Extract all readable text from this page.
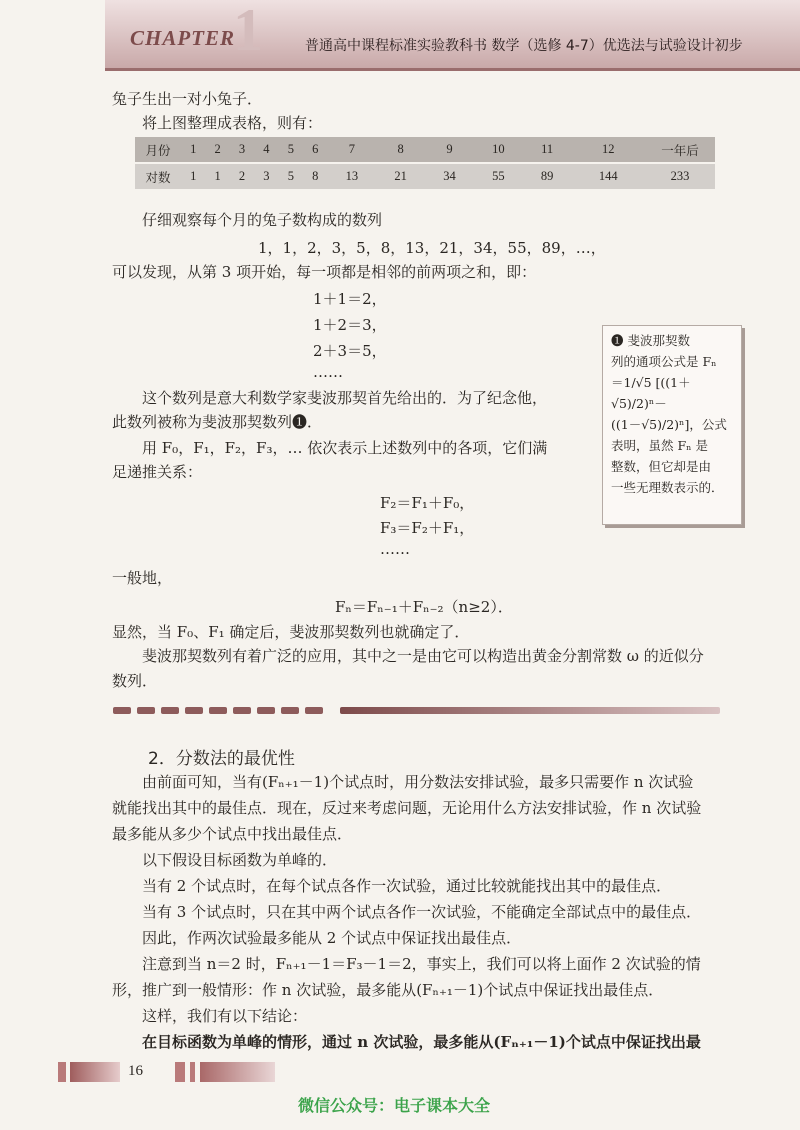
1
CHAPTER	普通高中课程标准实验教科书 数学（选修 4-7）优选法与试验设计初步
兔子生出一对小兔子．
将上图整理成表格，则有：
月份	1	2	3	4	5	6	7	8	9	10	11	12	一年后
对数	1	1	2	3	5	8	13	21	34	55	89	144	233
仔细观察每个月的兔子数构成的数列
1，1，2，3，5，8，13，21，34，55，89，…，
可以发现，从第 3 项开始，每一项都是相邻的前两项之和，即：
1＋1＝2，
1＋2＝3，
2＋3＝5，
……
这个数列是意大利数学家斐波那契首先给出的．为了纪念他，
此数列被称为斐波那契数列❶．
用 F₀，F₁，F₂，F₃，… 依次表示上述数列中的各项，它们满
足递推关系：
F₂＝F₁＋F₀，
F₃＝F₂＋F₁，
……
一般地，
Fₙ＝Fₙ₋₁＋Fₙ₋₂（n≥2）．
显然，当 F₀、F₁ 确定后，斐波那契数列也就确定了．
斐波那契数列有着广泛的应用，其中之一是由它可以构造出黄金分割常数 ω 的近似分
数列．
❶ 斐波那契数
列的通项公式是 Fₙ
＝1/√5 [((1＋√5)/2)ⁿ－
((1－√5)/2)ⁿ]，公式
表明，虽然 Fₙ 是
整数，但它却是由
一些无理数表示的．
2．分数法的最优性
由前面可知，当有(Fₙ₊₁－1)个试点时，用分数法安排试验，最多只需要作 n 次试验
就能找出其中的最佳点．现在，反过来考虑问题，无论用什么方法安排试验，作 n 次试验
最多能从多少个试点中找出最佳点．
以下假设目标函数为单峰的．
当有 2 个试点时，在每个试点各作一次试验，通过比较就能找出其中的最佳点．
当有 3 个试点时，只在其中两个试点各作一次试验，不能确定全部试点中的最佳点．
因此，作两次试验最多能从 2 个试点中保证找出最佳点．
注意到当 n＝2 时，Fₙ₊₁－1＝F₃－1＝2，事实上，我们可以将上面作 2 次试验的情
形，推广到一般情形：作 n 次试验，最多能从(Fₙ₊₁－1)个试点中保证找出最佳点．
这样，我们有以下结论：
在目标函数为单峰的情形，通过 n 次试验，最多能从(Fₙ₊₁－1)个试点中保证找出最
16
微信公众号：电子课本大全
